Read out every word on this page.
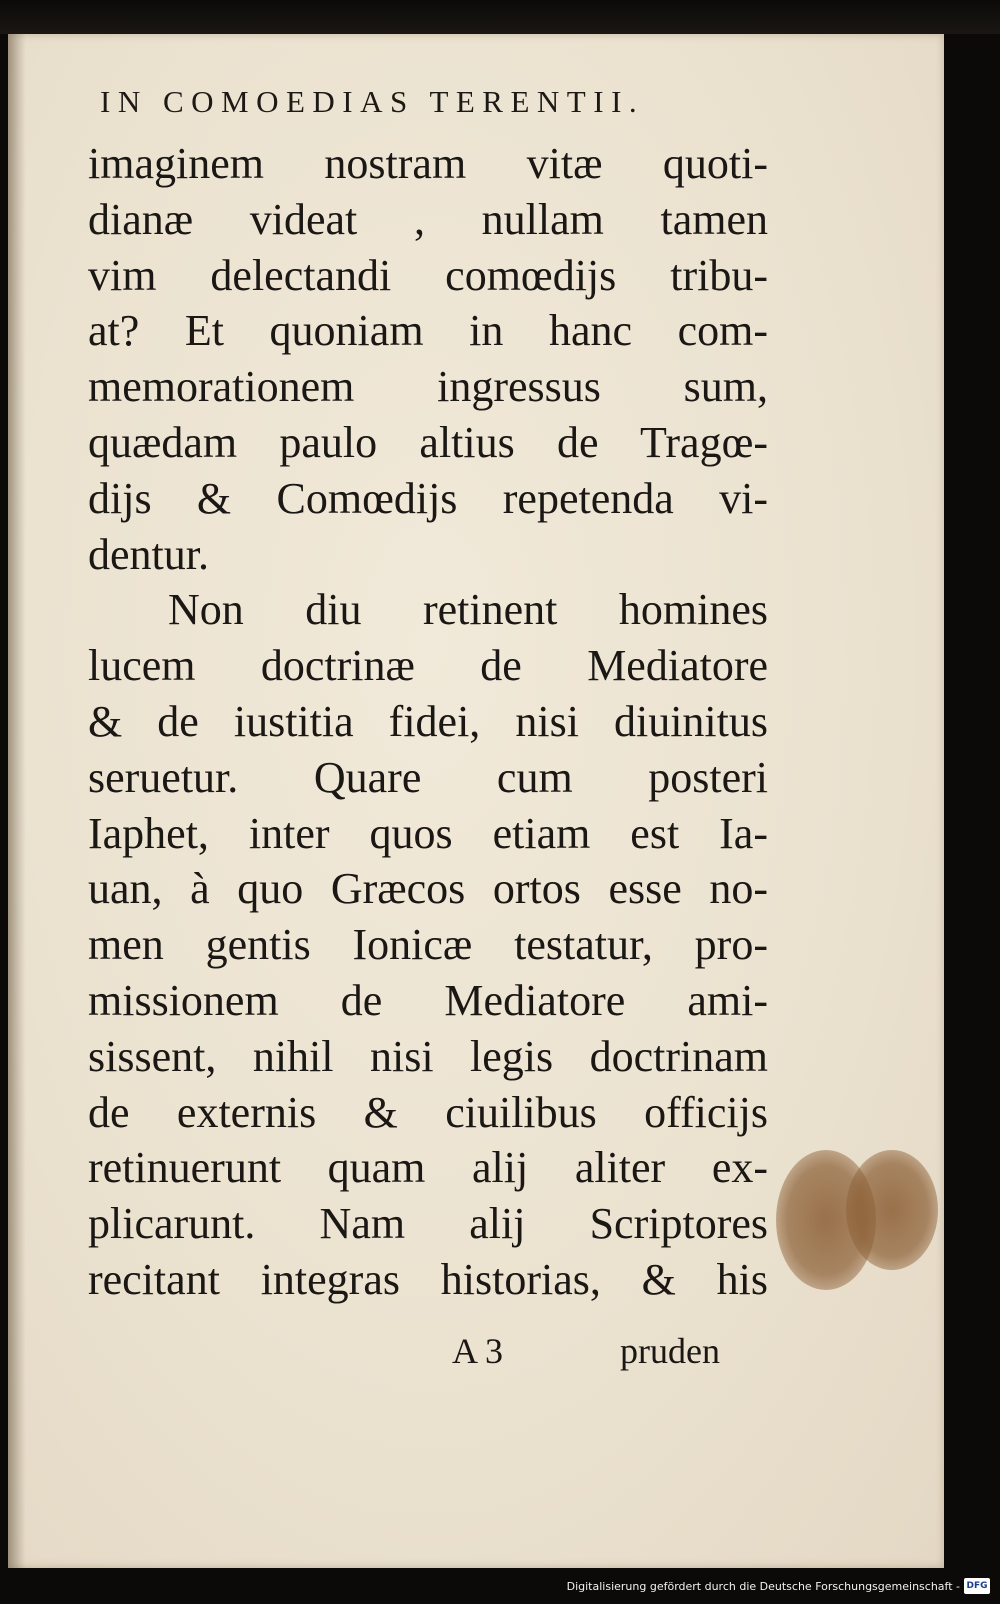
IN COMOEDIAS TERENTII.
imaginem nostram vitæ quoti-
dianæ videat , nullam tamen
vim delectandi comœdijs tribu-
at? Et quoniam in hanc com-
memorationem ingressus sum,
quædam paulo altius de Tragœ-
dijs & Comœdijs repetenda vi-
dentur.
Non diu retinent homines
lucem doctrinæ de Mediatore
& de iustitia fidei, nisi diuinitus
seruetur. Quare cum posteri
Iaphet, inter quos etiam est Ia-
uan, à quo Græcos ortos esse no-
men gentis Ionicæ testatur, pro-
missionem de Mediatore ami-
sissent, nihil nisi legis doctrinam
de externis & ciuilibus officijs
retinuerunt quam alij aliter ex-
plicarunt. Nam alij Scriptores
recitant integras historias, & his
A 3	pruden
Digitalisierung gefördert durch die Deutsche Forschungsgemeinschaft - DFG
